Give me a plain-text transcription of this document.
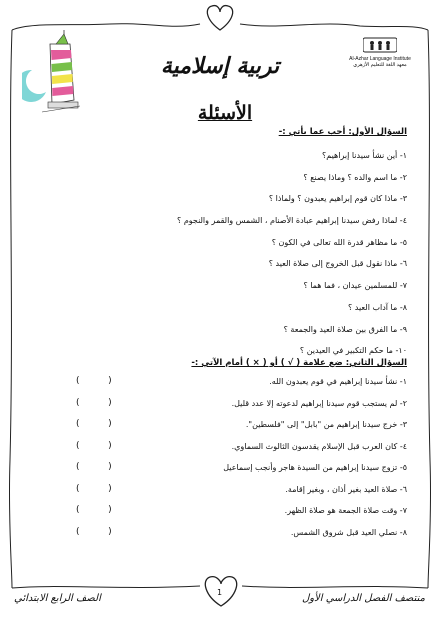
تربية إسلامية	Al-Azhar Language Institute
معهد اللغة للتعليم الأزهري
الأسئلة
السؤال الأول: أجب عما يأتي :-
١- أين نشأ سيدنا إبراهيم؟
٢- ما اسم والده ؟ وماذا يصنع ؟
٣- ماذا كان قوم إبراهيم يعبدون ؟ ولماذا ؟
٤- لماذا رفض سيدنا إبراهيم عبادة الأصنام ، الشمس والقمر والنجوم ؟
٥- ما مظاهر قدرة الله تعالى في الكون ؟
٦- ماذا نقول قبل الخروج إلى صلاة العيد ؟
٧- للمسلمين عيدان ، فما هما ؟
٨- ما آداب العيد ؟
٩- ما الفرق بين صلاة العيد والجمعة ؟
١٠- ما حكم التكبير في العيدين ؟
السؤال الثاني: ضع علامة ( √ ) أو ( × ) أمام الآتي :-
١- نشأ سيدنا إبراهيم في قوم يعبدون الله.
(          )
٢- لم يستجب قوم سيدنا إبراهيم لدعوته إلا عدد قليل.
(          )
٣- خرج سيدنا إبراهيم من "بابل" إلى "فلسطين".
(          )
٤- كان العرب قبل الإسلام يقدسون الثالوث السماوي.
(          )
٥- تزوج سيدنا إبراهيم من السيدة هاجر وأنجب إسماعيل
(          )
٦- صلاة العيد بغير أذان ، وبغير إقامة.
(          )
٧- وقت صلاة الجمعة هو صلاة الظهر.
(          )
٨- نصلي العيد قبل شروق الشمس.
(          )
الصف الرابع الابتدائي
1
منتصف الفصل الدراسي الأول
